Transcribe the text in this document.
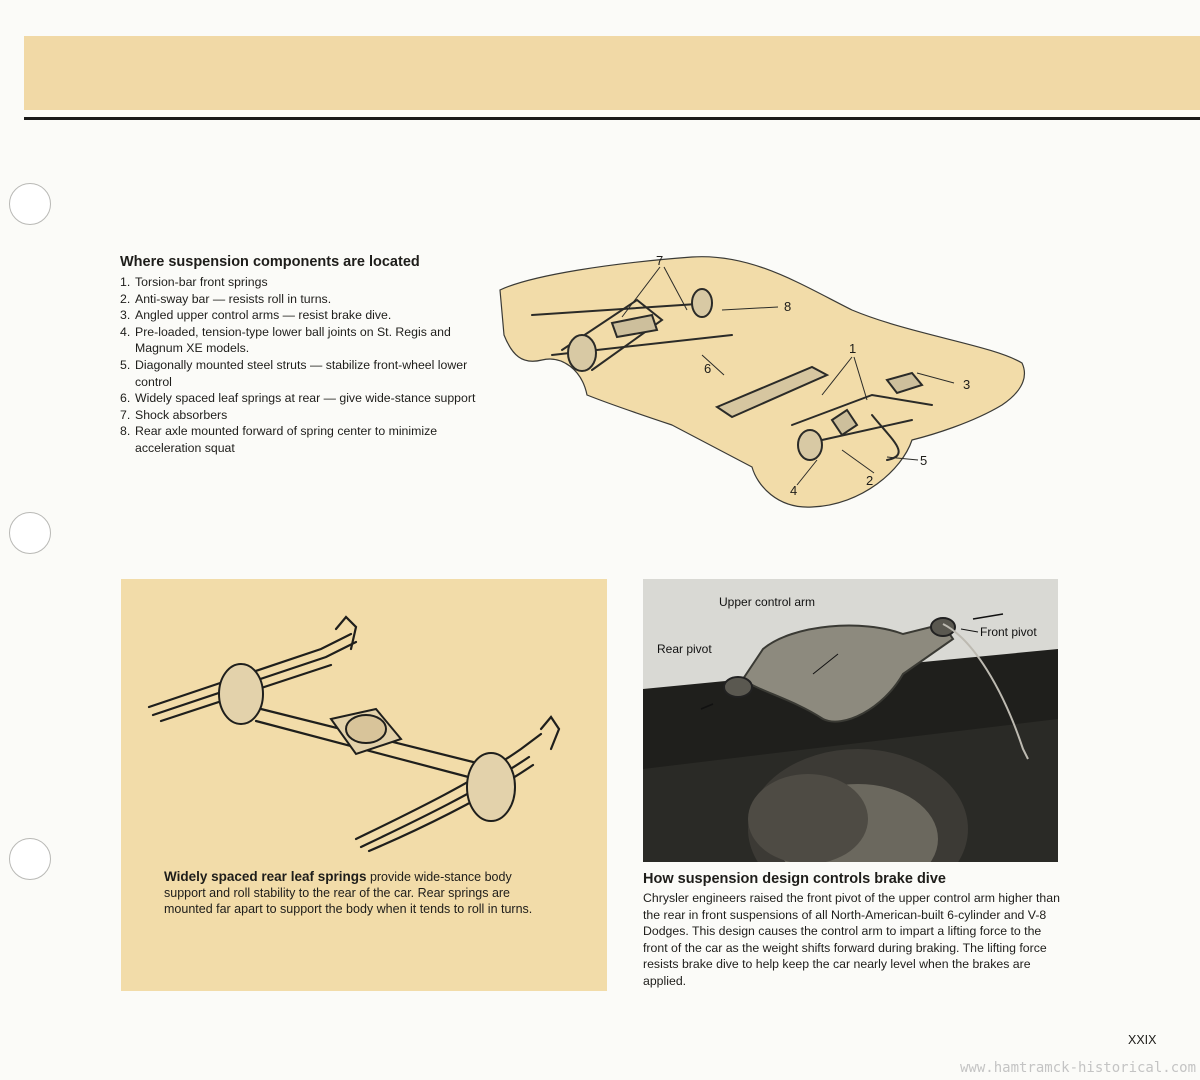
Where suspension components are located
1. Torsion-bar front springs
2. Anti-sway bar — resists roll in turns.
3. Angled upper control arms — resist brake dive.
4. Pre-loaded, tension-type lower ball joints on St. Regis and Magnum XE models.
5. Diagonally mounted steel struts — stabilize front-wheel lower control
6. Widely spaced leaf springs at rear — give wide-stance support
7. Shock absorbers
8. Rear axle mounted forward of spring center to minimize acceleration squat
1
2
3
4
5
6
7
8
Widely spaced rear leaf springs provide wide-stance body support and roll stability to the rear of the car. Rear springs are mounted far apart to support the body when it tends to roll in turns.
Upper control arm
Front pivot
Rear pivot
How suspension design controls brake dive

Chrysler engineers raised the front pivot of the upper control arm higher than the rear in front suspensions of all North-American-built 6-cylinder and V-8 Dodges. This design causes the control arm to impart a lifting force to the front of the car as the weight shifts forward during braking. The lifting force resists brake dive to help keep the car nearly level when the brakes are applied.

XXIX
www.hamtramck-historical.com
